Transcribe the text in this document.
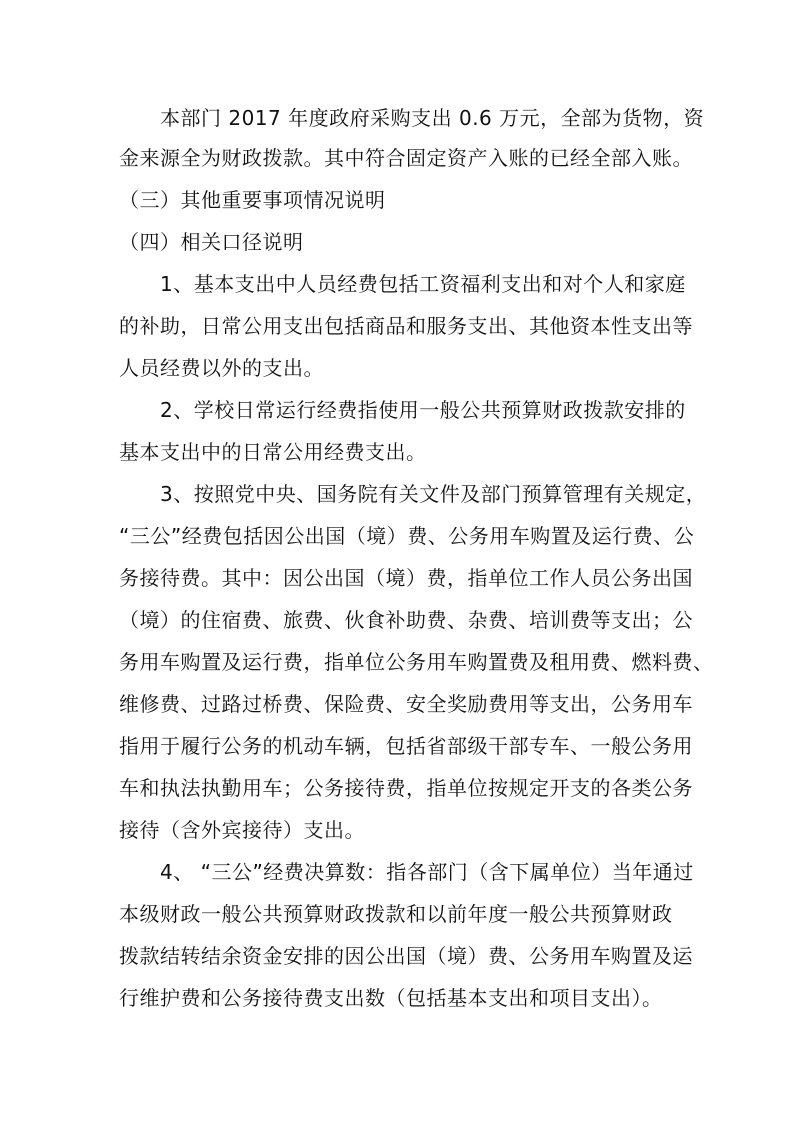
本部门 2017 年度政府采购支出 0.6 万元，全部为货物，资
金来源全为财政拨款。其中符合固定资产入账的已经全部入账。
（三）其他重要事项情况说明
（四）相关口径说明
1、基本支出中人员经费包括工资福利支出和对个人和家庭
的补助，日常公用支出包括商品和服务支出、其他资本性支出等
人员经费以外的支出。
2、学校日常运行经费指使用一般公共预算财政拨款安排的
基本支出中的日常公用经费支出。
3、按照党中央、国务院有关文件及部门预算管理有关规定，
“三公”经费包括因公出国（境）费、公务用车购置及运行费、公
务接待费。其中：因公出国（境）费，指单位工作人员公务出国
（境）的住宿费、旅费、伙食补助费、杂费、培训费等支出；公
务用车购置及运行费，指单位公务用车购置费及租用费、燃料费、
维修费、过路过桥费、保险费、安全奖励费用等支出，公务用车
指用于履行公务的机动车辆，包括省部级干部专车、一般公务用
车和执法执勤用车；公务接待费，指单位按规定开支的各类公务
接待（含外宾接待）支出。
4、 “三公”经费决算数：指各部门（含下属单位）当年通过
本级财政一般公共预算财政拨款和以前年度一般公共预算财政
拨款结转结余资金安排的因公出国（境）费、公务用车购置及运
行维护费和公务接待费支出数（包括基本支出和项目支出）。
